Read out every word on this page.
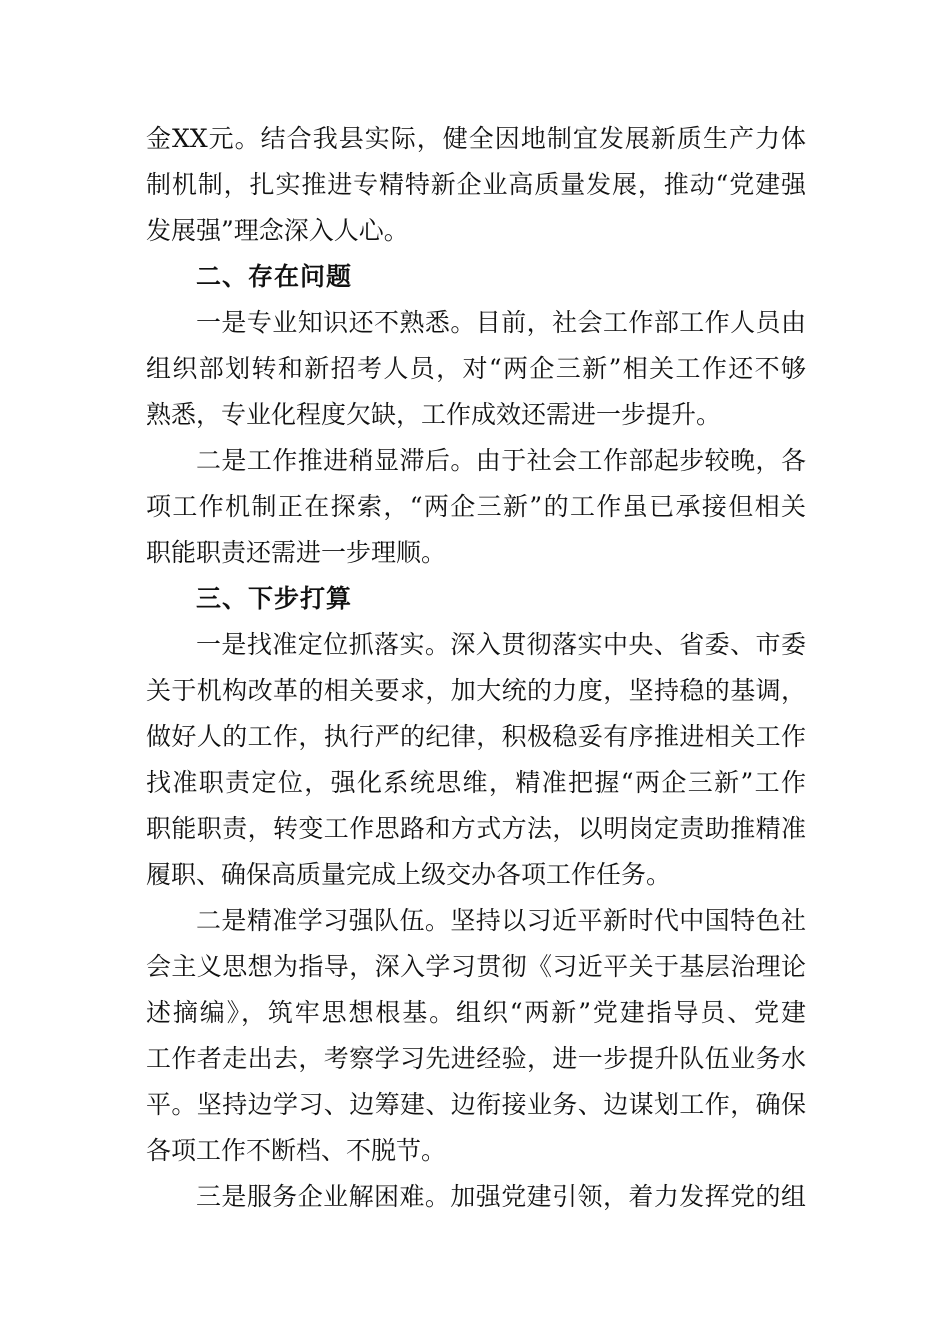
金XX元。结合我县实际，健全因地制宜发展新质生产力体
制机制，扎实推进专精特新企业高质量发展，推动“党建强
发展强”理念深入人心。
二、存在问题
一是专业知识还不熟悉。目前，社会工作部工作人员由
组织部划转和新招考人员，对“两企三新”相关工作还不够
熟悉，专业化程度欠缺，工作成效还需进一步提升。
二是工作推进稍显滞后。由于社会工作部起步较晚，各
项工作机制正在探索，“两企三新”的工作虽已承接但相关
职能职责还需进一步理顺。
三、下步打算
一是找准定位抓落实。深入贯彻落实中央、省委、市委
关于机构改革的相关要求，加大统的力度，坚持稳的基调，
做好人的工作，执行严的纪律，积极稳妥有序推进相关工作
找准职责定位，强化系统思维，精准把握“两企三新”工作
职能职责，转变工作思路和方式方法，以明岗定责助推精准
履职、确保高质量完成上级交办各项工作任务。
二是精准学习强队伍。坚持以习近平新时代中国特色社
会主义思想为指导，深入学习贯彻《习近平关于基层治理论
述摘编》，筑牢思想根基。组织“两新”党建指导员、党建
工作者走出去，考察学习先进经验，进一步提升队伍业务水
平。坚持边学习、边筹建、边衔接业务、边谋划工作，确保
各项工作不断档、不脱节。
三是服务企业解困难。加强党建引领，着力发挥党的组
